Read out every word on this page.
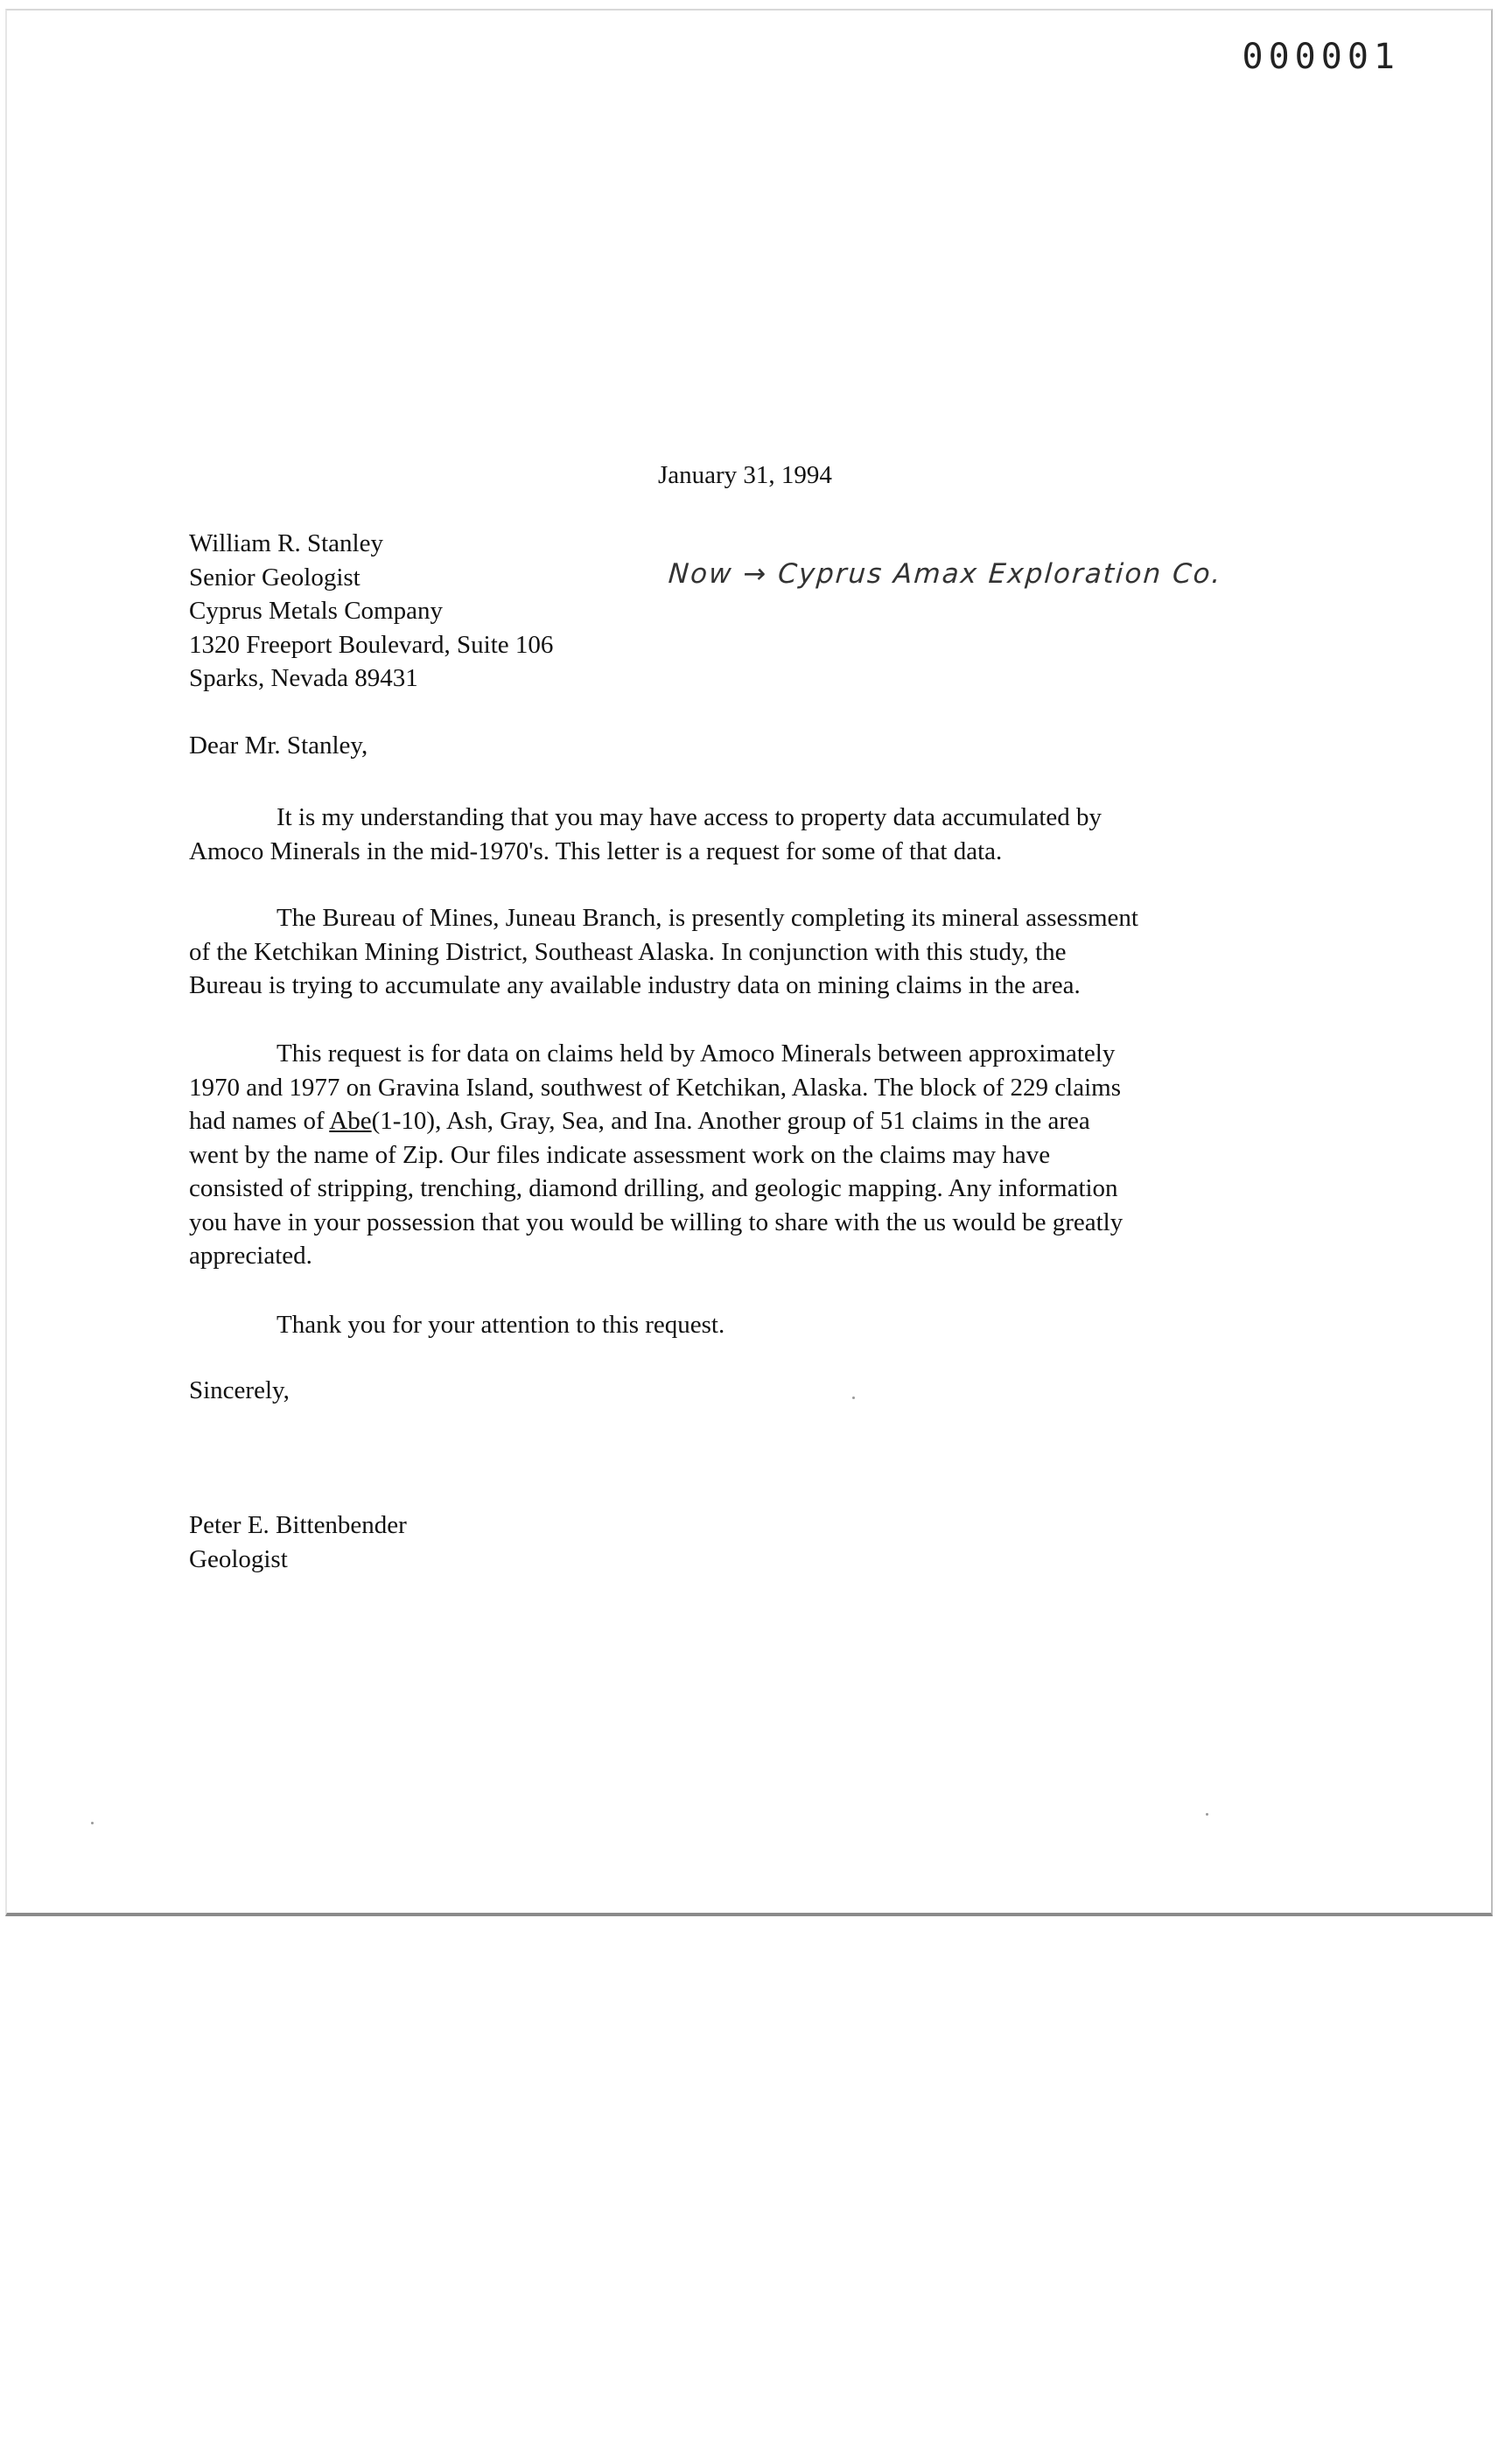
000001
January 31, 1994
William R. Stanley
Senior Geologist
Cyprus Metals Company
1320 Freeport Boulevard, Suite 106
Sparks, Nevada 89431
Now → Cyprus Amax Exploration Co.
Dear Mr. Stanley,
It is my understanding that you may have access to property data accumulated by
Amoco Minerals in the mid-1970's. This letter is a request for some of that data.
The Bureau of Mines, Juneau Branch, is presently completing its mineral assessment
of the Ketchikan Mining District, Southeast Alaska. In conjunction with this study, the
Bureau is trying to accumulate any available industry data on mining claims in the area.
This request is for data on claims held by Amoco Minerals between approximately
1970 and 1977 on Gravina Island, southwest of Ketchikan, Alaska. The block of 229 claims
had names of Abe(1-10), Ash, Gray, Sea, and Ina. Another group of 51 claims in the area
went by the name of Zip. Our files indicate assessment work on the claims may have
consisted of stripping, trenching, diamond drilling, and geologic mapping. Any information
you have in your possession that you would be willing to share with the us would be greatly
appreciated.
Thank you for your attention to this request.
Sincerely,
Peter E. Bittenbender
Geologist
